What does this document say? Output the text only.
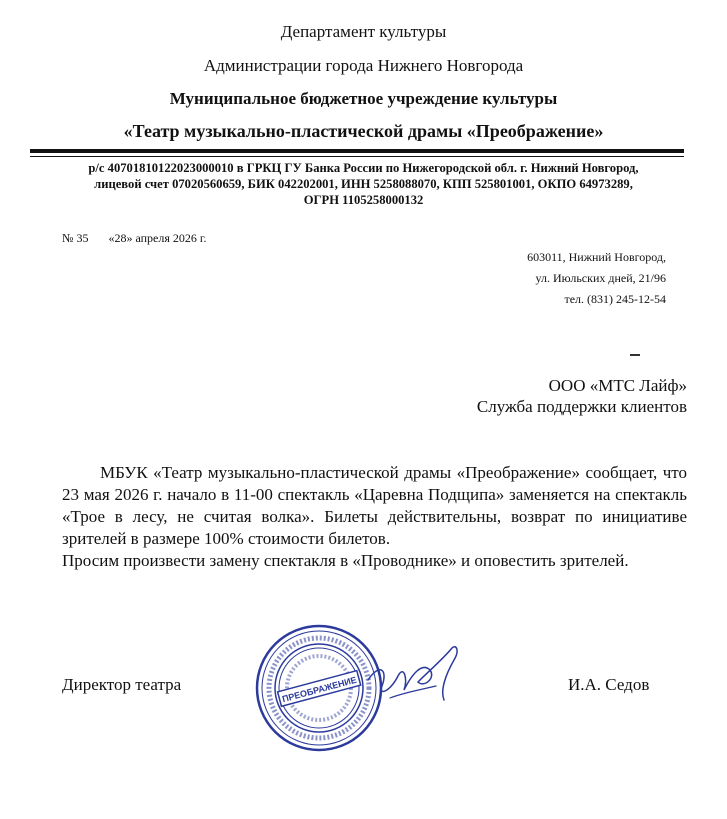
Департамент культуры
Администрации города Нижнего Новгорода
Муниципальное бюджетное учреждение культуры
«Театр музыкально-пластической драмы «Преображение»
р/с 40701810122023000010 в ГРКЦ ГУ Банка России по Нижегородской обл. г. Нижний Новгород,
лицевой счет 07020560659, БИК 042202001, ИНН 5258088070, КПП 525801001, ОКПО 64973289,
ОГРН 1105258000132
№ 35 «28» апреля 2026 г.
603011, Нижний Новгород,
ул. Июльских дней, 21/96
тел. (831) 245-12-54
ООО «МТС Лайф»
Служба поддержки клиентов

МБУК «Театр музыкально-пластической драмы «Преображение» сообщает, что 23 мая 2026 г. начало в 11-00 спектакль «Царевна Подщипа» заменяется на спектакль «Трое в лесу, не считая волка». Билеты действительны, возврат по инициативе зрителей в размере 100% стоимости билетов.

Просим произвести замену спектакля в «Проводнике» и оповестить зрителей.

Директор театра	И.А. Седов
ПРЕОБРАЖЕНИЕ
